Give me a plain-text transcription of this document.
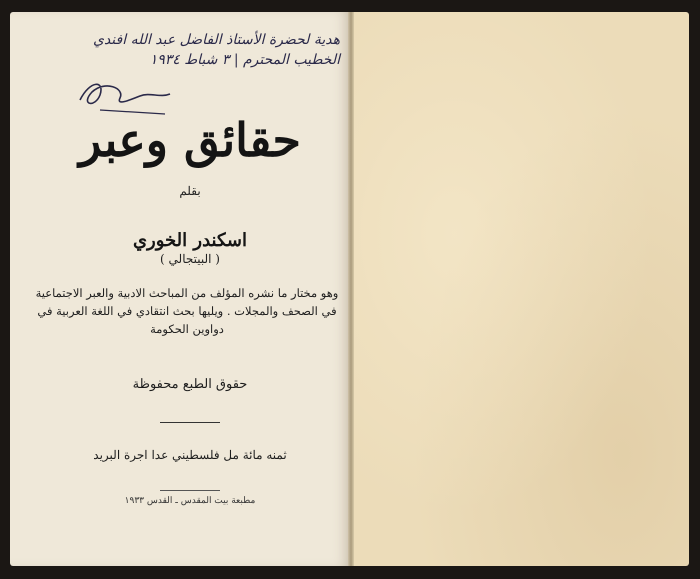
هدية لحضرة الأستاذ الفاضل عبد الله افندي
الخطيب المحترم | ٣ شباط ١٩٣٤
حقائق وعبر
بقلم
اسكندر الخوري
( البيتجالي )
وهو مختار ما نشره المؤلف من المباحث الادبية والعبر الاجتماعية في الصحف والمجلات . ويليها بحث انتقادي في اللغة العربية في دواوين الحكومة
حقوق الطبع محفوظة
ثمنه مائة مل فلسطيني عدا اجرة البريد
مطبعة بيت المقدس ـ القدس ١٩٣٣
